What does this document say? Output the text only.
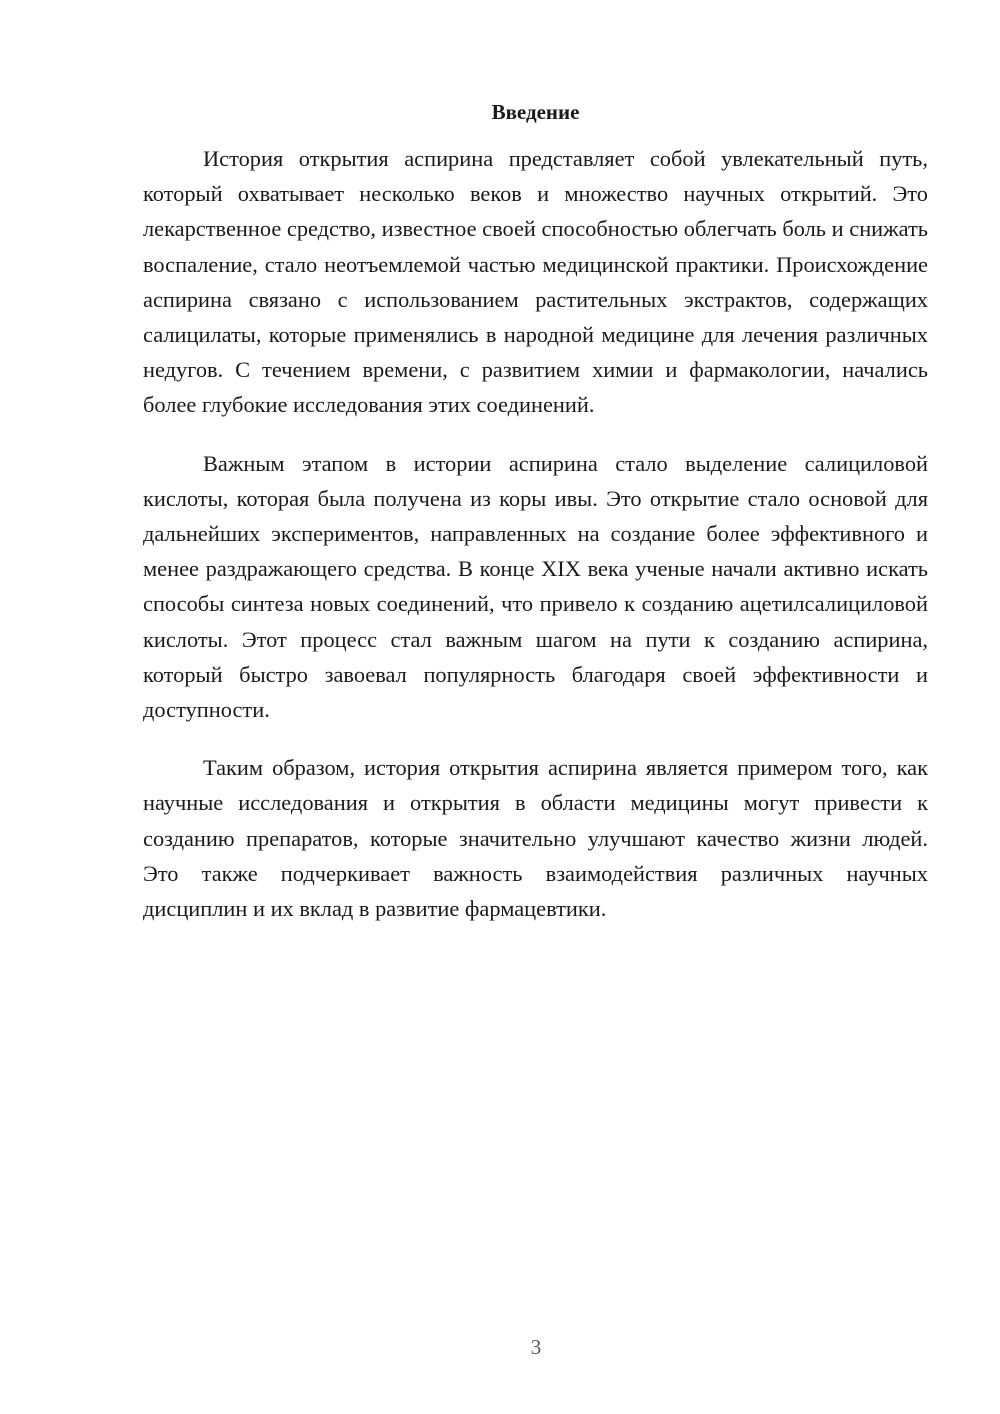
Введение

История открытия аспирина представляет собой увлекательный путь, который охватывает несколько веков и множество научных открытий. Это лекарственное средство, известное своей способностью облегчать боль и снижать воспаление, стало неотъемлемой частью медицинской практики. Происхождение аспирина связано с использованием растительных экстрактов, содержащих салицилаты, которые применялись в народной медицине для лечения различных недугов. С течением времени, с развитием химии и фармакологии, начались более глубокие исследования этих соединений.

Важным этапом в истории аспирина стало выделение салициловой кислоты, которая была получена из коры ивы. Это открытие стало основой для дальнейших экспериментов, направленных на создание более эффективного и менее раздражающего средства. В конце XIX века ученые начали активно искать способы синтеза новых соединений, что привело к созданию ацетилсалициловой кислоты. Этот процесс стал важным шагом на пути к созданию аспирина, который быстро завоевал популярность благодаря своей эффективности и доступности.

Таким образом, история открытия аспирина является примером того, как научные исследования и открытия в области медицины могут привести к созданию препаратов, которые значительно улучшают качество жизни людей. Это также подчеркивает важность взаимодействия различных научных дисциплин и их вклад в развитие фармацевтики.

3
